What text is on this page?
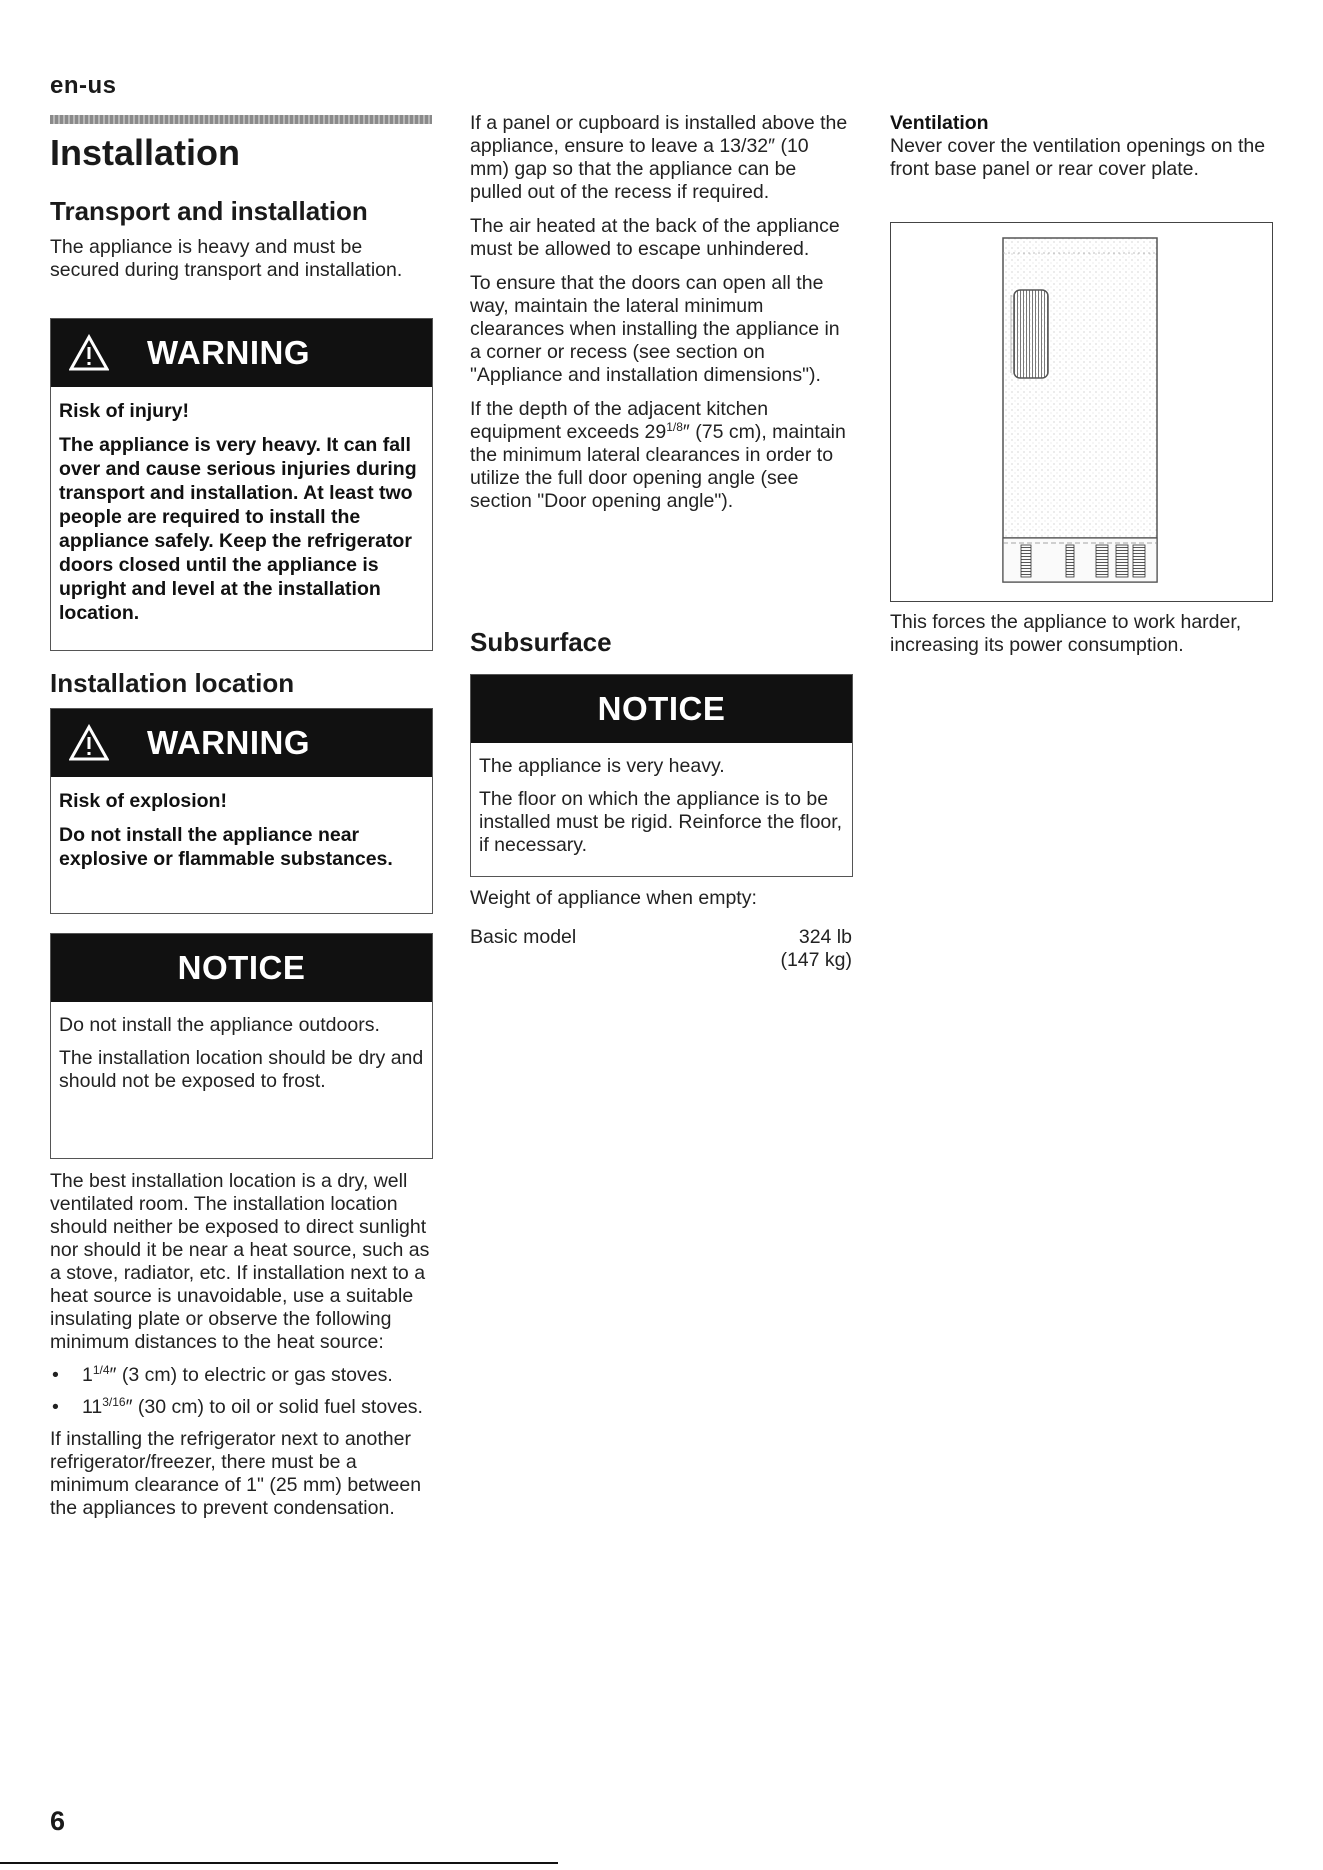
en-us
Installation
Transport and installation

The appliance is heavy and must be secured during transport and installation.

WARNING

Risk of injury!

The appliance is very heavy. It can fall over and cause serious injuries during transport and installation. At least two people are required to install the appliance safely. Keep the refrigerator doors closed until the appliance is upright and level at the installation location.

Installation location
WARNING

Risk of explosion!

Do not install the appliance near explosive or flammable substances.

NOTICE

Do not install the appliance outdoors.

The installation location should be dry and should not be exposed to frost.

The best installation location is a dry, well ventilated room. The installation location should neither be exposed to direct sunlight nor should it be near a heat source, such as a stove, radiator, etc. If installation next to a heat source is unavoidable, use a suitable insulating plate or observe the following minimum distances to the heat source:

• $1^{1/4}''$ (3 cm) to electric or gas stoves.
• $11^{3/16}''$ (30 cm) to oil or solid fuel stoves.

If installing the refrigerator next to another refrigerator/freezer, there must be a minimum clearance of 1" (25 mm) between the appliances to prevent condensation.

If a panel or cupboard is installed above the appliance, ensure to leave a 13/32″ (10 mm) gap so that the appliance can be pulled out of the recess if required.

The air heated at the back of the appliance must be allowed to escape unhindered.

To ensure that the doors can open all the way, maintain the lateral minimum clearances when installing the appliance in a corner or recess (see section on "Appliance and installation dimensions").

If the depth of the adjacent kitchen equipment exceeds $29^{1/8}''$ (75 cm), maintain the minimum lateral clearances in order to utilize the full door opening angle (see section "Door opening angle").

Subsurface
NOTICE

The appliance is very heavy.

The floor on which the appliance is to be installed must be rigid. Reinforce the floor, if necessary.

Weight of appliance when empty:

Basic model	324 lb
(147 kg)

Ventilation

Never cover the ventilation openings on the front base panel or rear cover plate.

This forces the appliance to work harder, increasing its power consumption.

6
